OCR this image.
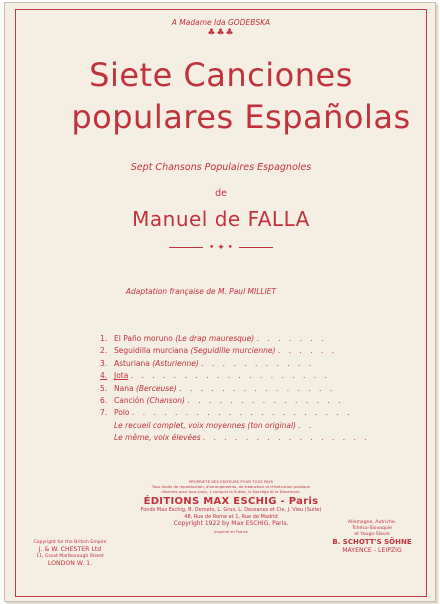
A Madame Ida GODEBSKA
♣♣♣
Siete Canciones
populares Españolas
Sept Chansons Populaires Espagnoles
de
Manuel de FALLA
• ✦ •
Adaptation française de M. Paul MILLIET
1. El Paño moruno (Le drap mauresque) . . . . . . .
2. Seguidilla murciana (Seguidille murcienne) . . . . . .
3. Asturiana (Asturienne) . . . . . . . . . . .
4. Jota . . . . . . . . . . . . . . . . . . .
5. Nana (Berceuse) . . . . . . . . . . . . . . .
6. Canción (Chanson) . . . . . . . . . . . . . . .
7. Polo . . . . . . . . . . . . . . . . . . . . .
Le recueil complet, voix moyennes (ton original) . .
Le même, voix élevées . . . . . . . . . . . . . . . .
PROPRIETE DES EDITEURS POUR TOUS PAYS
Tous droits de reproduction, d'arrangements, de traduction et d'exécution publique
réservés pour tous pays, y compris la Suède, la Norvège et le Danemark.
ÉDITIONS MAX ESCHIG - Paris
Fonds Max Eschig, B. Demets, L. Grus, L. Dessanes et Cie, J. Vieu (Suite)
48, Rue de Rome et 1, Rue de Madrid
Copyright 1922 by Max ESCHIG, Paris.
Imprimé en France
Copyright for the British Empire
J. & W. CHESTER Ltd
11, Great Marlborough Street
LONDON W. 1.
Allemagne, Autriche,
Tchéco-Slovaquie
et Yougo-Slavie
B. SCHOTT'S SÖHNE
MAYENCE - LEIPZIG
